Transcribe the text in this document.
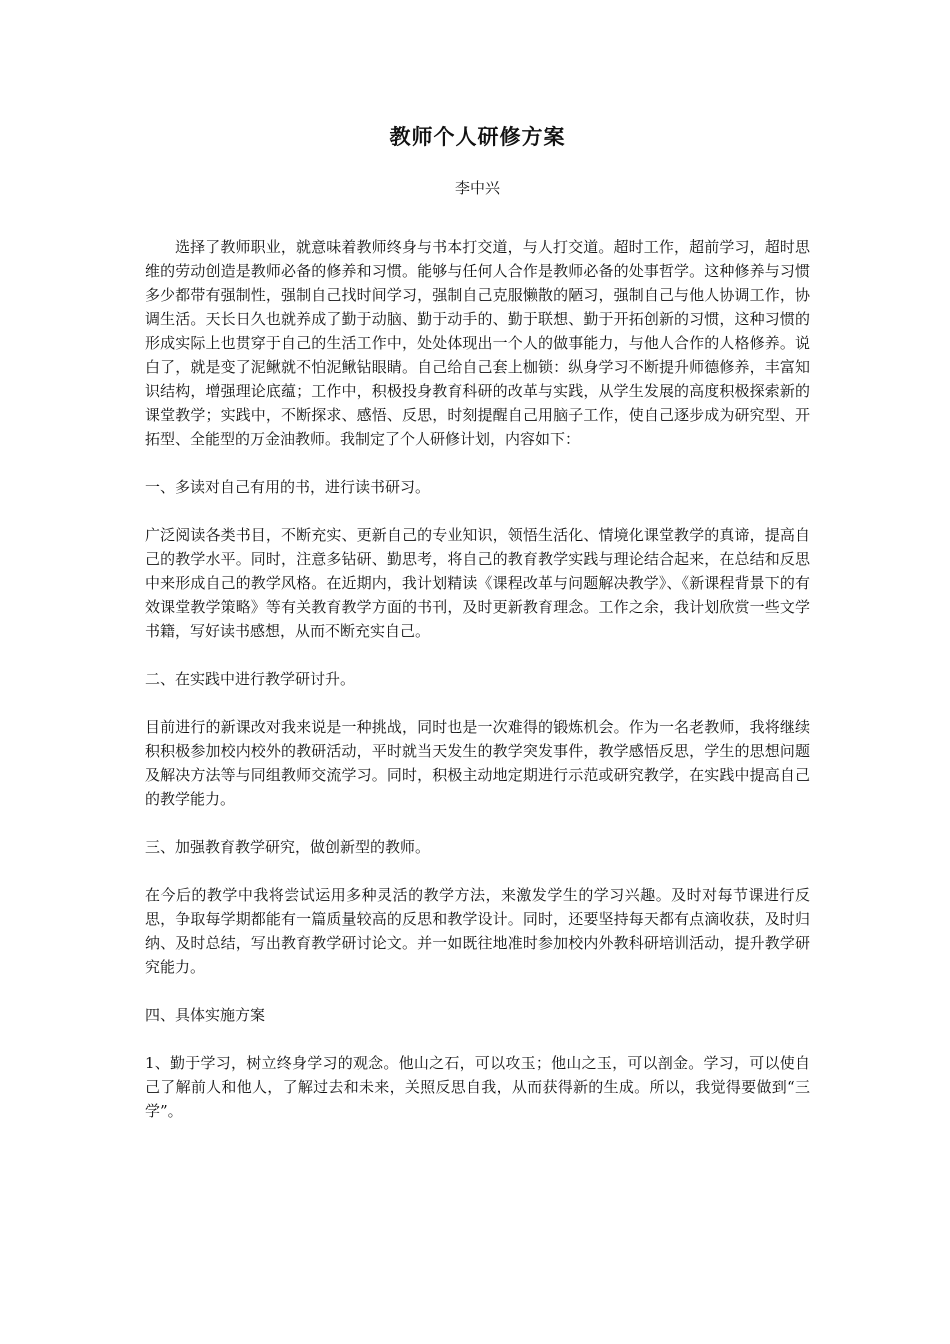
教师个人研修方案

李中兴

选择了教师职业，就意味着教师终身与书本打交道，与人打交道。超时工作，超前学习，超时思维的劳动创造是教师必备的修养和习惯。能够与任何人合作是教师必备的处事哲学。这种修养与习惯多少都带有强制性，强制自己找时间学习，强制自己克服懒散的陋习，强制自己与他人协调工作，协调生活。天长日久也就养成了勤于动脑、勤于动手的、勤于联想、勤于开拓创新的习惯，这种习惯的形成实际上也贯穿于自己的生活工作中，处处体现出一个人的做事能力，与他人合作的人格修养。说白了，就是变了泥鳅就不怕泥鳅钻眼睛。自己给自己套上枷锁：纵身学习不断提升师德修养，丰富知识结构，增强理论底蕴；工作中，积极投身教育科研的改革与实践，从学生发展的高度积极探索新的课堂教学；实践中，不断探求、感悟、反思，时刻提醒自己用脑子工作，使自己逐步成为研究型、开拓型、全能型的万金油教师。我制定了个人研修计划，内容如下：

一、多读对自己有用的书，进行读书研习。

广泛阅读各类书目，不断充实、更新自己的专业知识，领悟生活化、情境化课堂教学的真谛，提高自己的教学水平。同时，注意多钻研、勤思考，将自己的教育教学实践与理论结合起来，在总结和反思中来形成自己的教学风格。在近期内，我计划精读《课程改革与问题解决教学》、《新课程背景下的有效课堂教学策略》等有关教育教学方面的书刊，及时更新教育理念。工作之余，我计划欣赏一些文学书籍，写好读书感想，从而不断充实自己。

二、在实践中进行教学研讨升。

目前进行的新课改对我来说是一种挑战，同时也是一次难得的锻炼机会。作为一名老教师，我将继续积积极参加校内校外的教研活动，平时就当天发生的教学突发事件，教学感悟反思，学生的思想问题及解决方法等与同组教师交流学习。同时，积极主动地定期进行示范或研究教学，在实践中提高自己的教学能力。

三、加强教育教学研究，做创新型的教师。

在今后的教学中我将尝试运用多种灵活的教学方法，来激发学生的学习兴趣。及时对每节课进行反思，争取每学期都能有一篇质量较高的反思和教学设计。同时，还要坚持每天都有点滴收获，及时归纳、及时总结，写出教育教学研讨论文。并一如既往地准时参加校内外教科研培训活动，提升教学研究能力。

四、具体实施方案

1、勤于学习，树立终身学习的观念。他山之石，可以攻玉；他山之玉，可以剖金。学习，可以使自己了解前人和他人，了解过去和未来，关照反思自我，从而获得新的生成。所以，我觉得要做到“三学”。
